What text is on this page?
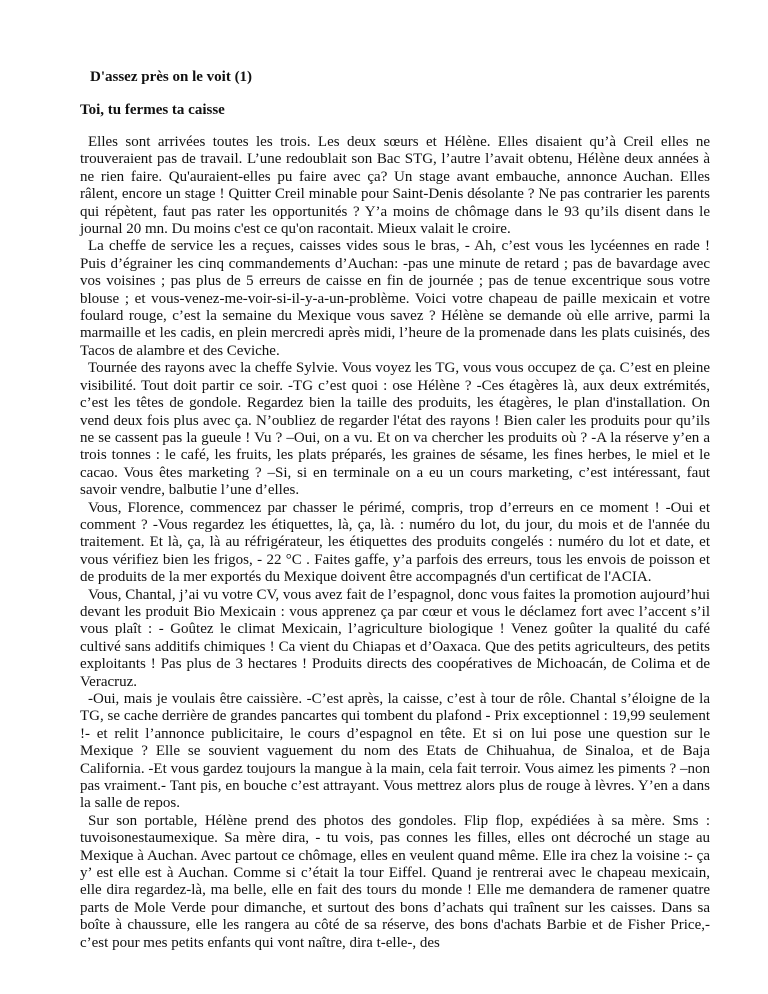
D'assez près on le voit (1)
Toi, tu fermes ta caisse

Elles sont arrivées toutes les trois. Les deux sœurs et Hélène. Elles disaient qu’à Creil elles ne trouveraient pas de travail. L’une redoublait son Bac STG, l’autre l’avait obtenu, Hélène deux années à ne rien faire. Qu'auraient-elles pu faire avec ça? Un stage avant embauche, annonce Auchan. Elles râlent, encore un stage ! Quitter Creil minable pour Saint-Denis désolante ? Ne pas contrarier les parents qui répètent, faut pas rater les opportunités ? Y’a moins de chômage dans le 93 qu’ils disent dans le journal 20 mn. Du moins c'est ce qu'on racontait. Mieux valait le croire.

La cheffe de service les a reçues, caisses vides sous le bras, - Ah, c’est vous les lycéennes en rade ! Puis d’égrainer les cinq commandements d’Auchan: -pas une minute de retard ; pas de bavardage avec vos voisines ; pas plus de 5 erreurs de caisse en fin de journée ; pas de tenue excentrique sous votre blouse ; et vous-venez-me-voir-si-il-y-a-un-problème. Voici votre chapeau de paille mexicain et votre foulard rouge, c’est la semaine du Mexique vous savez ? Hélène se demande où elle arrive, parmi la marmaille et les cadis, en plein mercredi après midi, l’heure de la promenade dans les plats cuisinés, des Tacos de alambre et des Ceviche.

Tournée des rayons avec la cheffe Sylvie. Vous voyez les TG, vous vous occupez de ça. C’est en pleine visibilité. Tout doit partir ce soir. -TG c’est quoi : ose Hélène ? -Ces étagères là, aux deux extrémités, c’est les têtes de gondole. Regardez bien la taille des produits, les étagères, le plan d'installation. On vend deux fois plus avec ça. N’oubliez de regarder l'état des rayons ! Bien caler les produits pour qu’ils ne se cassent pas la gueule ! Vu ? –Oui, on a vu. Et on va chercher les produits où ? -A la réserve y’en a trois tonnes : le café, les fruits, les plats préparés, les graines de sésame, les fines herbes, le miel et le cacao. Vous êtes marketing ? –Si, si en terminale on a eu un cours marketing, c’est intéressant, faut savoir vendre, balbutie l’une d’elles.

Vous, Florence, commencez par chasser le périmé, compris, trop d’erreurs en ce moment ! -Oui et comment ? -Vous regardez les étiquettes, là, ça, là. : numéro du lot, du jour, du mois et de l'année du traitement. Et là, ça, là au réfrigérateur, les étiquettes des produits congelés : numéro du lot et date, et vous vérifiez bien les frigos, - 22 °C . Faites gaffe, y’a parfois des erreurs, tous les envois de poisson et de produits de la mer exportés du Mexique doivent être accompagnés d'un certificat de l'ACIA.

Vous, Chantal, j’ai vu votre CV, vous avez fait de l’espagnol, donc vous faites la promotion aujourd’hui devant les produit Bio Mexicain : vous apprenez ça par cœur et vous le déclamez fort avec l’accent s’il vous plaît : - Goûtez le climat Mexicain, l’agriculture biologique ! Venez goûter la qualité du café cultivé sans additifs chimiques ! Ca vient du Chiapas et d’Oaxaca. Que des petits agriculteurs, des petits exploitants ! Pas plus de 3 hectares ! Produits directs des coopératives de Michoacán, de Colima et de Veracruz.

-Oui, mais je voulais être caissière. -C’est après, la caisse, c’est à tour de rôle. Chantal s’éloigne de la TG, se cache derrière de grandes pancartes qui tombent du plafond - Prix exceptionnel : 19,99 seulement !- et relit l’annonce publicitaire, le cours d’espagnol en tête. Et si on lui pose une question sur le Mexique ? Elle se souvient vaguement du nom des Etats de Chihuahua, de Sinaloa, et de Baja California. -Et vous gardez toujours la mangue à la main, cela fait terroir. Vous aimez les piments ? –non pas vraiment.- Tant pis, en bouche c’est attrayant. Vous mettrez alors plus de rouge à lèvres. Y’en a dans la salle de repos.

Sur son portable, Hélène prend des photos des gondoles. Flip flop, expédiées à sa mère. Sms : tuvoisonestaumexique. Sa mère dira, - tu vois, pas connes les filles, elles ont décroché un stage au Mexique à Auchan. Avec partout ce chômage, elles en veulent quand même. Elle ira chez la voisine :- ça y’ est elle est à Auchan. Comme si c’était la tour Eiffel. Quand je rentrerai avec le chapeau mexicain, elle dira regardez-là, ma belle, elle en fait des tours du monde ! Elle me demandera de ramener quatre parts de Mole Verde pour dimanche, et surtout des bons d’achats qui traînent sur les caisses. Dans sa boîte à chaussure, elle les rangera au côté de sa réserve, des bons d'achats Barbie et de Fisher Price,- c’est pour mes petits enfants qui vont naître, dira t-elle-, des
